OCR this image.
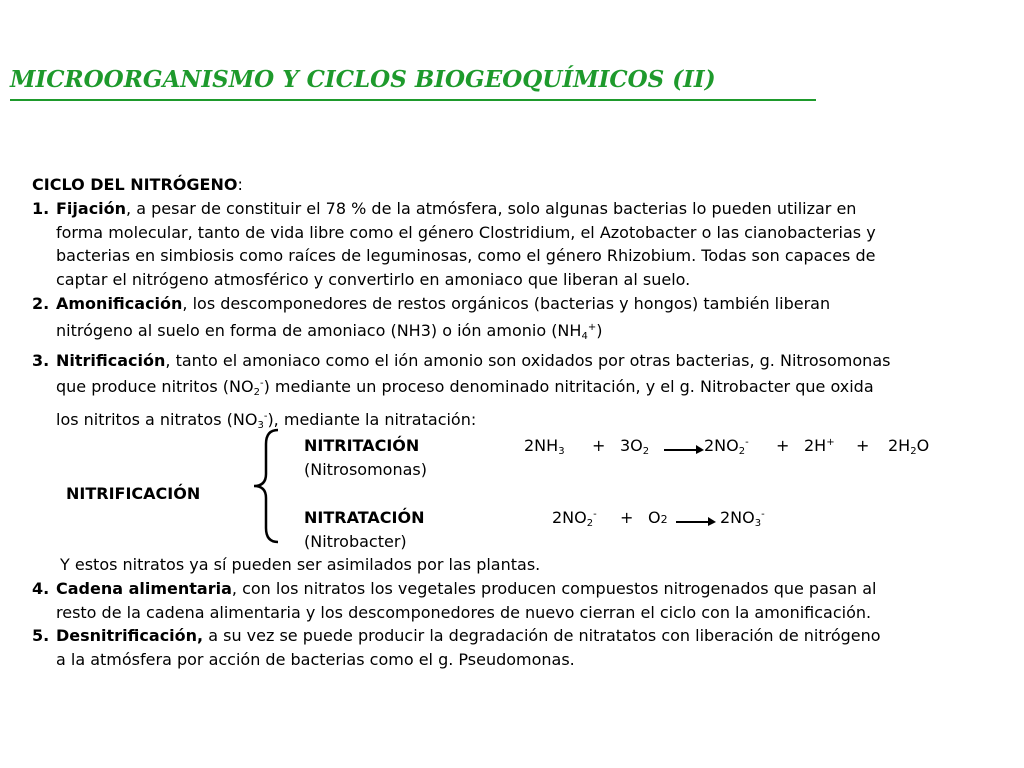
MICROORGANISMO Y CICLOS BIOGEOQUÍMICOS (II)
CICLO DEL NITRÓGENO:
1. Fijación, a pesar de constituir el 78 % de la atmósfera, solo algunas bacterias lo pueden utilizar en
forma molecular, tanto de vida libre como el género Clostridium, el Azotobacter o las cianobacterias y
bacterias en simbiosis como raíces de leguminosas, como el género Rhizobium. Todas son capaces de
captar el nitrógeno atmosférico y convertirlo en amoniaco que liberan al suelo.
2. Amonificación, los descomponedores de restos orgánicos (bacterias y hongos) también liberan
nitrógeno al suelo en forma de amoniaco (NH3) o ión amonio $(NH_4^+)$
3. Nitrificación, tanto el amoniaco como el ión amonio son oxidados por otras bacterias, g. Nitrosomonas
que produce nitritos $(NO_2^-)$ mediante un proceso denominado nitritación, y el g. Nitrobacter que oxida
los nitritos a nitratos $(NO_3^-)$, mediante la nitratación:
NITRIFICACIÓN
NITRITACIÓN
(Nitrosomonas)
$2NH_3 + 3O_2 \to 2NO_2^- + 2H^+ + 2H_2O$
NITRATACIÓN
(Nitrobacter)
$2NO_2^- + O2 \to 2NO_3^-$
Y estos nitratos ya sí pueden ser asimilados por las plantas.
4. Cadena alimentaria, con los nitratos los vegetales producen compuestos nitrogenados que pasan al
resto de la cadena alimentaria y los descomponedores de nuevo cierran el ciclo con la amonificación.
5. Desnitrificación, a su vez se puede producir la degradación de nitratatos con liberación de nitrógeno
a la atmósfera por acción de bacterias como el g. Pseudomonas.
